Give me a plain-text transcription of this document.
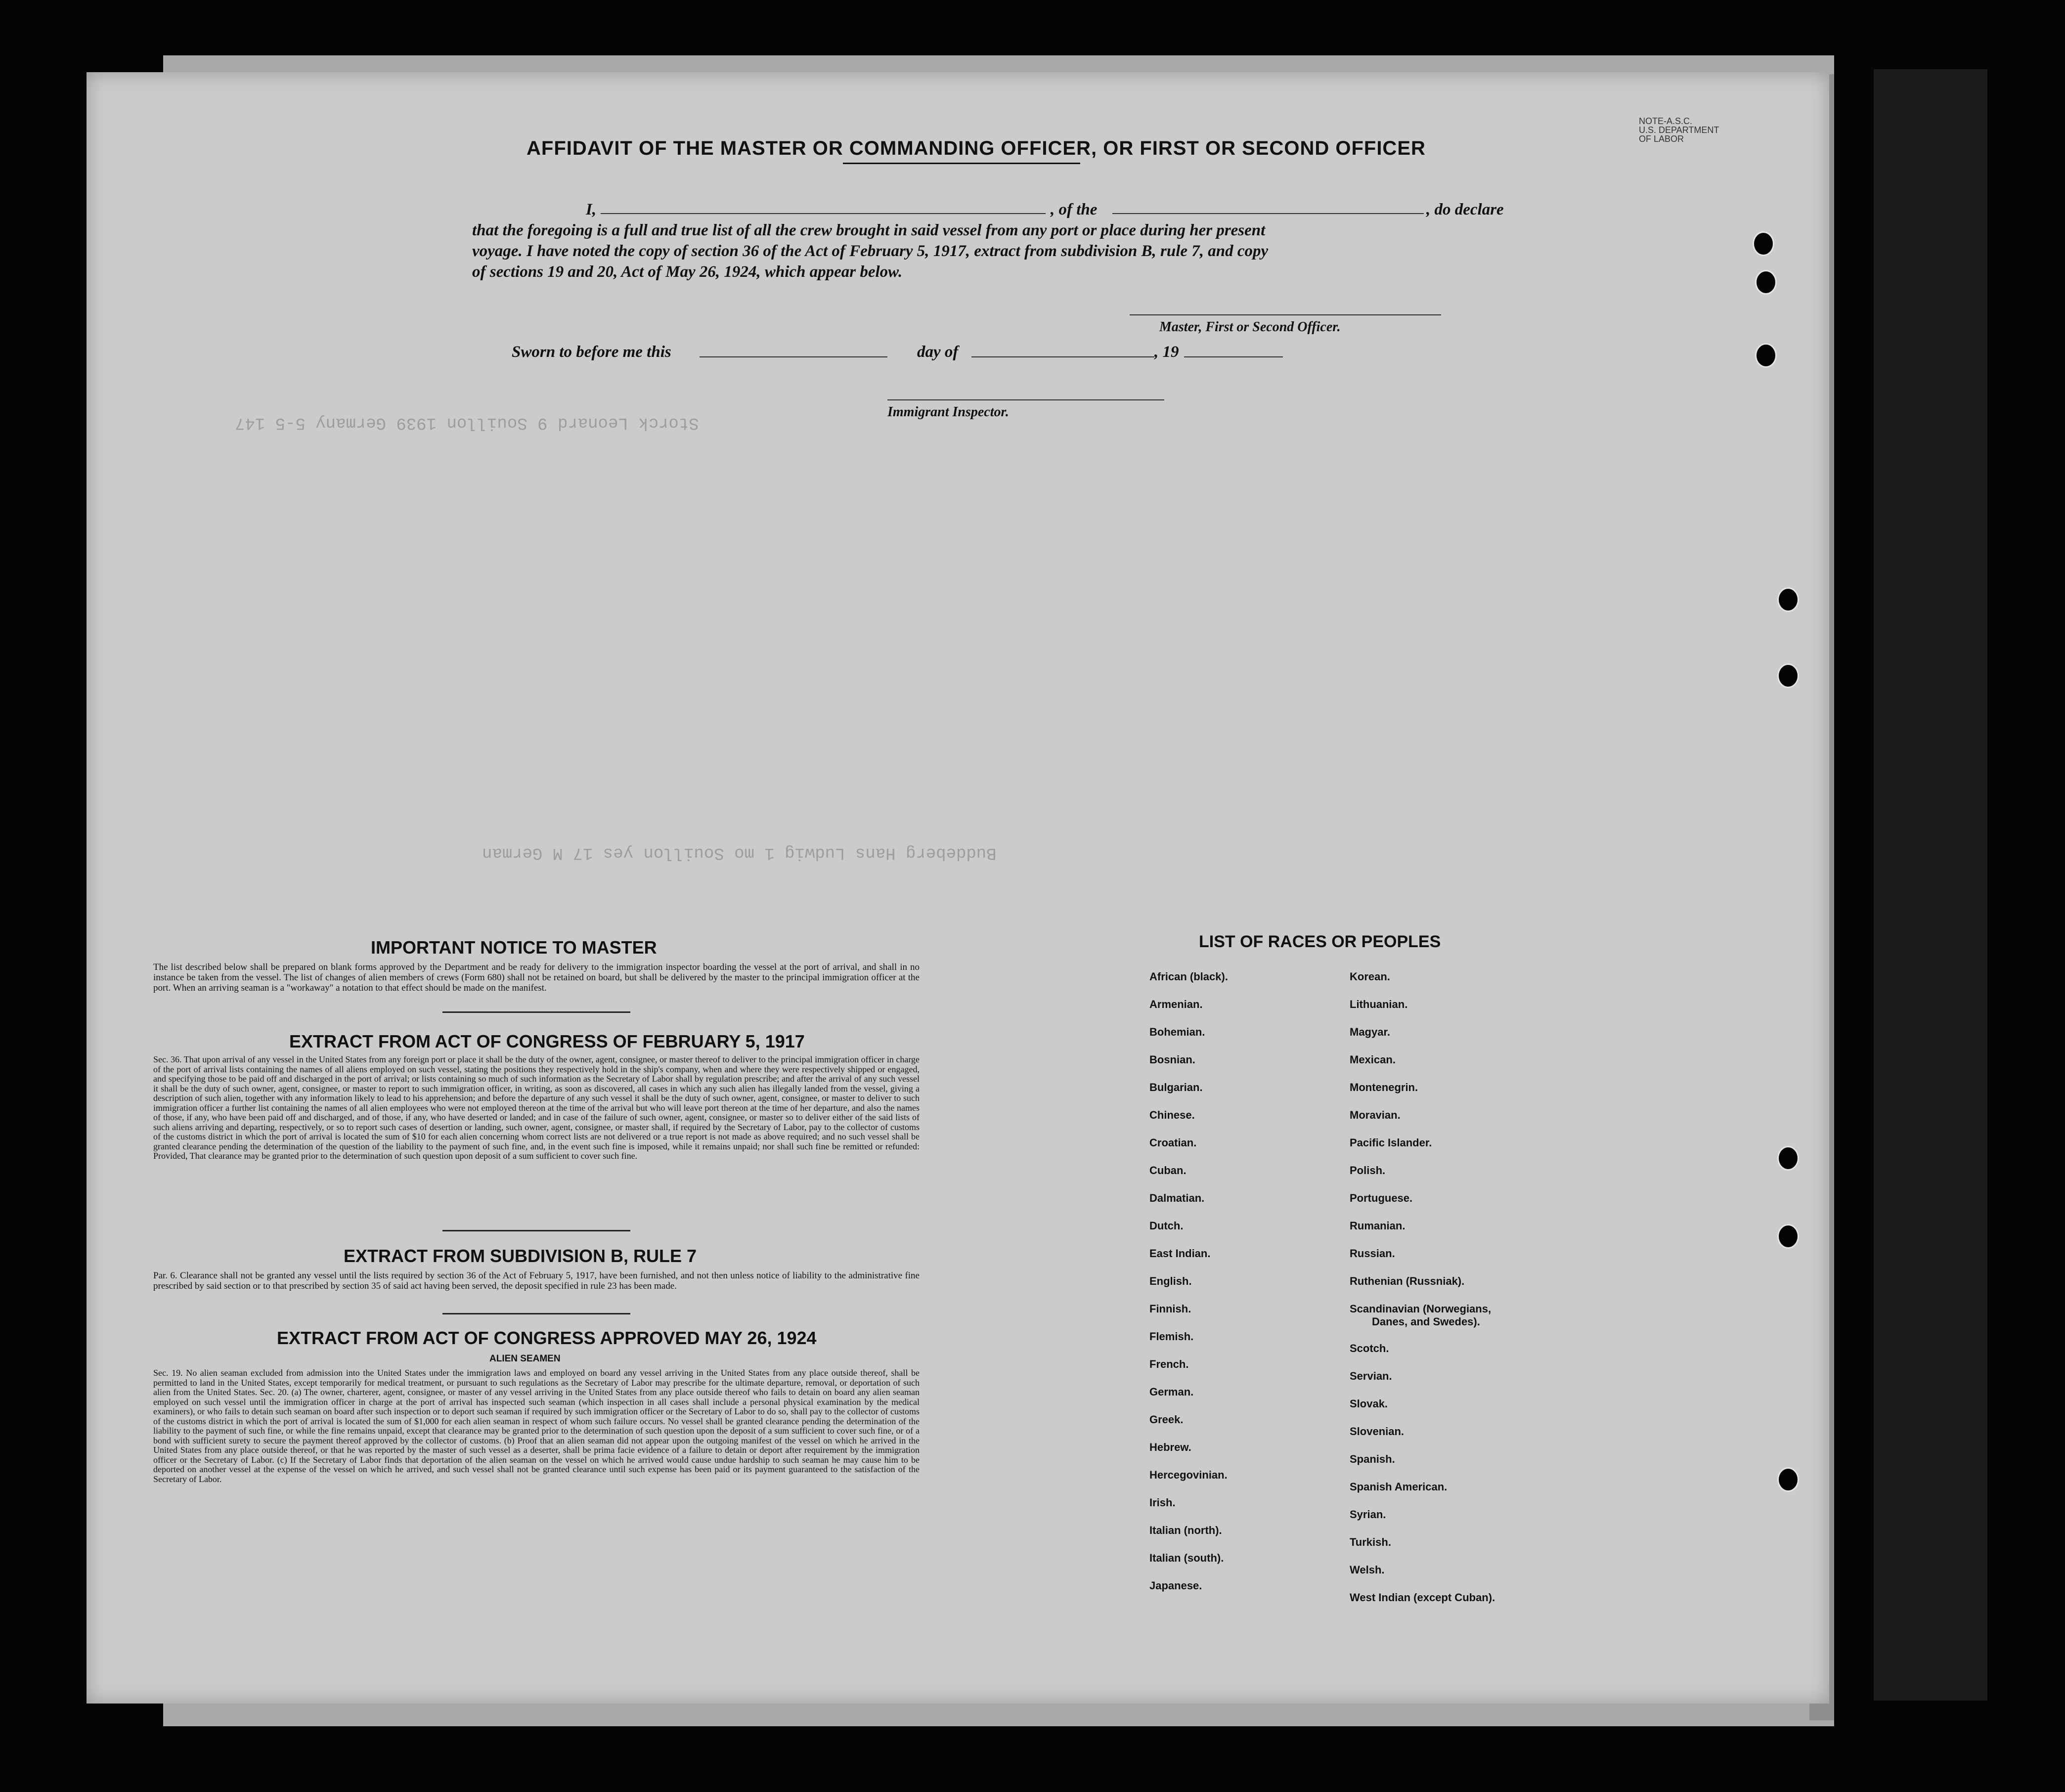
Storck Leonard 9 Souillon 1939 Germany 5-5 147
Buddeberg Hans Ludwig 1 mo Souillon yes 17 M German
NOTE-A.S.C.
U.S. DEPARTMENT
OF LABOR
AFFIDAVIT OF THE MASTER OR COMMANDING OFFICER, OR FIRST OR SECOND OFFICER
I,	, of the	, do declare
that the foregoing is a full and true list of all the crew brought in said vessel from any port or place during her present
voyage. I have noted the copy of section 36 of the Act of February 5, 1917, extract from subdivision B, rule 7, and copy
of sections 19 and 20, Act of May 26, 1924, which appear below.
Master, First or Second Officer.
Sworn to before me this	day of	, 19
Immigrant Inspector.
IMPORTANT NOTICE TO MASTER
The list described below shall be prepared on blank forms approved by the Department and be ready for delivery to the immigration inspector boarding the vessel at the port of arrival, and shall in no instance be taken from the vessel. The list of changes of alien members of crews (Form 680) shall not be retained on board, but shall be delivered by the master to the principal immigration officer at the port. When an arriving seaman is a "workaway" a notation to that effect should be made on the manifest.
EXTRACT FROM ACT OF CONGRESS OF FEBRUARY 5, 1917
Sec. 36. That upon arrival of any vessel in the United States from any foreign port or place it shall be the duty of the owner, agent, consignee, or master thereof to deliver to the principal immigration officer in charge of the port of arrival lists containing the names of all aliens employed on such vessel, stating the positions they respectively hold in the ship's company, when and where they were respectively shipped or engaged, and specifying those to be paid off and discharged in the port of arrival; or lists containing so much of such information as the Secretary of Labor shall by regulation prescribe; and after the arrival of any such vessel it shall be the duty of such owner, agent, consignee, or master to report to such immigration officer, in writing, as soon as discovered, all cases in which any such alien has illegally landed from the vessel, giving a description of such alien, together with any information likely to lead to his apprehension; and before the departure of any such vessel it shall be the duty of such owner, agent, consignee, or master to deliver to such immigration officer a further list containing the names of all alien employees who were not employed thereon at the time of the arrival but who will leave port thereon at the time of her departure, and also the names of those, if any, who have been paid off and discharged, and of those, if any, who have deserted or landed; and in case of the failure of such owner, agent, consignee, or master so to deliver either of the said lists of such aliens arriving and departing, respectively, or so to report such cases of desertion or landing, such owner, agent, consignee, or master shall, if required by the Secretary of Labor, pay to the collector of customs of the customs district in which the port of arrival is located the sum of $10 for each alien concerning whom correct lists are not delivered or a true report is not made as above required; and no such vessel shall be granted clearance pending the determination of the question of the liability to the payment of such fine, and, in the event such fine is imposed, while it remains unpaid; nor shall such fine be remitted or refunded: Provided, That clearance may be granted prior to the determination of such question upon deposit of a sum sufficient to cover such fine.
EXTRACT FROM SUBDIVISION B, RULE 7
Par. 6. Clearance shall not be granted any vessel until the lists required by section 36 of the Act of February 5, 1917, have been furnished, and not then unless notice of liability to the administrative fine prescribed by said section or to that prescribed by section 35 of said act having been served, the deposit specified in rule 23 has been made.
EXTRACT FROM ACT OF CONGRESS APPROVED MAY 26, 1924
ALIEN SEAMEN
Sec. 19. No alien seaman excluded from admission into the United States under the immigration laws and employed on board any vessel arriving in the United States from any place outside thereof, shall be permitted to land in the United States, except temporarily for medical treatment, or pursuant to such regulations as the Secretary of Labor may prescribe for the ultimate departure, removal, or deportation of such alien from the United States. Sec. 20. (a) The owner, charterer, agent, consignee, or master of any vessel arriving in the United States from any place outside thereof who fails to detain on board any alien seaman employed on such vessel until the immigration officer in charge at the port of arrival has inspected such seaman (which inspection in all cases shall include a personal physical examination by the medical examiners), or who fails to detain such seaman on board after such inspection or to deport such seaman if required by such immigration officer or the Secretary of Labor to do so, shall pay to the collector of customs of the customs district in which the port of arrival is located the sum of $1,000 for each alien seaman in respect of whom such failure occurs. No vessel shall be granted clearance pending the determination of the liability to the payment of such fine, or while the fine remains unpaid, except that clearance may be granted prior to the determination of such question upon the deposit of a sum sufficient to cover such fine, or of a bond with sufficient surety to secure the payment thereof approved by the collector of customs. (b) Proof that an alien seaman did not appear upon the outgoing manifest of the vessel on which he arrived in the United States from any place outside thereof, or that he was reported by the master of such vessel as a deserter, shall be prima facie evidence of a failure to detain or deport after requirement by the immigration officer or the Secretary of Labor. (c) If the Secretary of Labor finds that deportation of the alien seaman on the vessel on which he arrived would cause undue hardship to such seaman he may cause him to be deported on another vessel at the expense of the vessel on which he arrived, and such vessel shall not be granted clearance until such expense has been paid or its payment guaranteed to the satisfaction of the Secretary of Labor.
LIST OF RACES OR PEOPLES
African (black).
Armenian.
Bohemian.
Bosnian.
Bulgarian.
Chinese.
Croatian.
Cuban.
Dalmatian.
Dutch.
East Indian.
English.
Finnish.
Flemish.
French.
German.
Greek.
Hebrew.
Hercegovinian.
Irish.
Italian (north).
Italian (south).
Japanese.
Korean.
Lithuanian.
Magyar.
Mexican.
Montenegrin.
Moravian.
Pacific Islander.
Polish.
Portuguese.
Rumanian.
Russian.
Ruthenian (Russniak).
Scandinavian (Norwegians,
Danes, and Swedes).
Scotch.
Servian.
Slovak.
Slovenian.
Spanish.
Spanish American.
Syrian.
Turkish.
Welsh.
West Indian (except Cuban).
